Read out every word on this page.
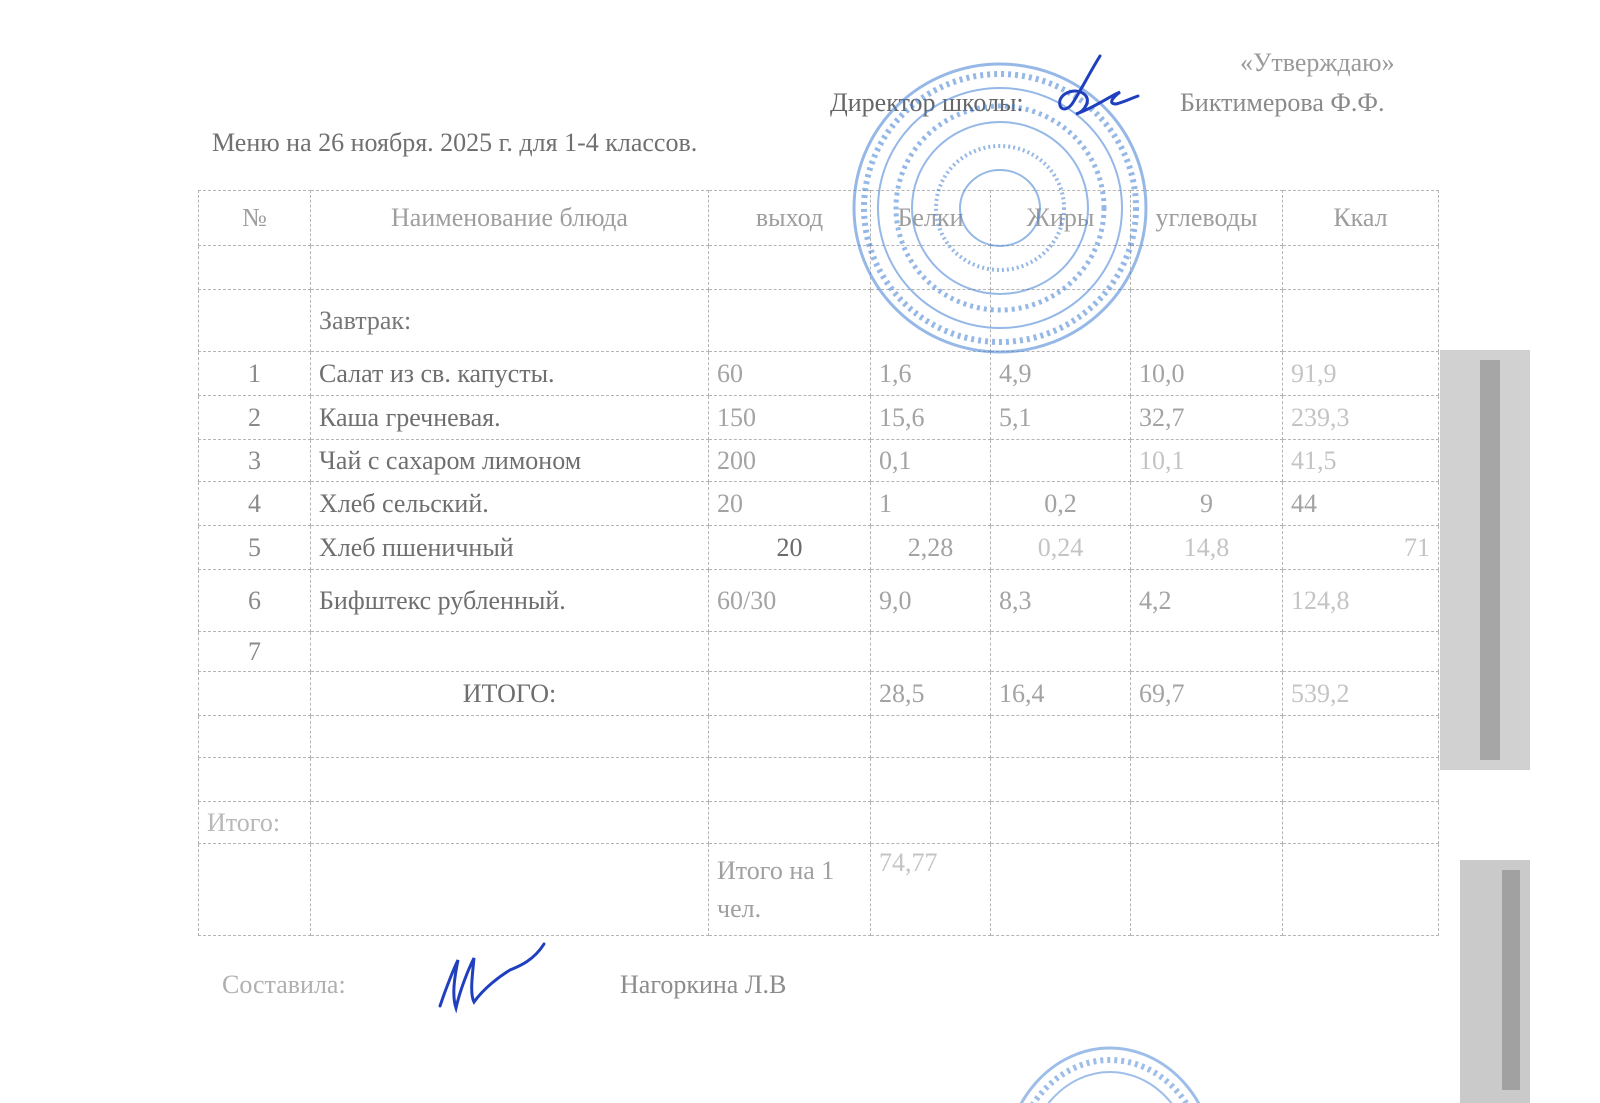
«Утверждаю»
Директор школы:	Биктимерова Ф.Ф.
Меню на 26 ноября. 2025 г. для 1-4 классов.
№	Наименование блюда	выход	Белки	Жиры	углеводы	Ккал

	Завтрак:					
1	Салат из св. капусты.	60	1,6	4,9	10,0	91,9
2	Каша гречневая.	150	15,6	5,1	32,7	239,3
3	Чай с сахаром лимоном	200	0,1		10,1	41,5
4	Хлеб сельский.	20	1	0,2	9	44
5	Хлеб пшеничный	20	2,28	0,24	14,8	71
6	Бифштекс рубленный.	60/30	9,0	8,3	4,2	124,8
7						
	ИТОГО:		28,5	16,4	69,7	539,2

Итого:						
		Итого на 1 чел.	74,77			
Составила:	Нагоркина Л.В
